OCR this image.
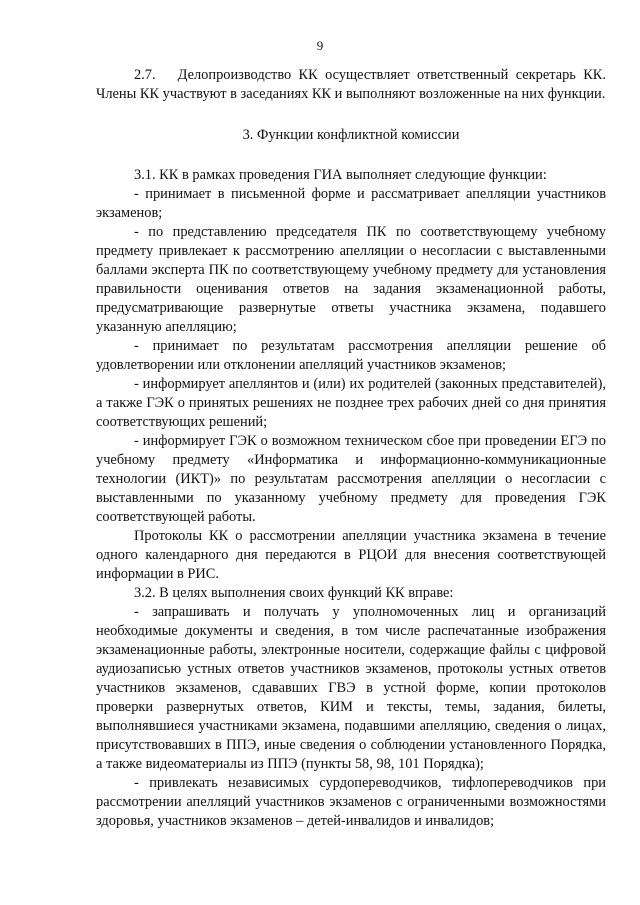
9

2.7.   Делопроизводство КК осуществляет ответственный секретарь КК. Члены КК участвуют в заседаниях КК и выполняют возложенные на них функции.

3. Функции конфликтной комиссии

3.1. КК в рамках проведения ГИА выполняет следующие функции:

- принимает в письменной форме и рассматривает апелляции участников экзаменов;

- по представлению председателя ПК по соответствующему учебному предмету привлекает к рассмотрению апелляции о несогласии с выставленными баллами эксперта ПК по соответствующему учебному предмету для установления правильности оценивания ответов на задания экзаменационной работы, предусматривающие развернутые ответы участника экзамена, подавшего указанную апелляцию;

- принимает по результатам рассмотрения апелляции решение об удовлетворении или отклонении апелляций участников экзаменов;

- информирует апеллянтов и (или) их родителей (законных представителей), а также ГЭК о принятых решениях не позднее трех рабочих дней со дня принятия соответствующих решений;

- информирует ГЭК о возможном техническом сбое при проведении ЕГЭ по учебному предмету «Информатика и информационно-коммуникационные технологии (ИКТ)» по результатам рассмотрения апелляции о несогласии с выставленными по указанному учебному предмету для проведения ГЭК соответствующей работы.

Протоколы КК о рассмотрении апелляции участника экзамена в течение одного календарного дня передаются в РЦОИ для внесения соответствующей информации в РИС.

3.2. В целях выполнения своих функций КК вправе:

- запрашивать и получать у уполномоченных лиц и организаций необходимые документы и сведения, в том числе распечатанные изображения экзаменационные работы, электронные носители, содержащие файлы с цифровой аудиозаписью устных ответов участников экзаменов, протоколы устных ответов участников экзаменов, сдававших ГВЭ в устной форме, копии протоколов проверки развернутых ответов, КИМ и тексты, темы, задания, билеты, выполнявшиеся участниками экзамена, подавшими апелляцию, сведения о лицах, присутствовавших в ППЭ, иные сведения о соблюдении установленного Порядка, а также видеоматериалы из ППЭ (пункты 58, 98, 101 Порядка);

- привлекать независимых сурдопереводчиков, тифлопереводчиков при рассмотрении апелляций участников экзаменов с ограниченными возможностями здоровья, участников экзаменов – детей-инвалидов и инвалидов;
